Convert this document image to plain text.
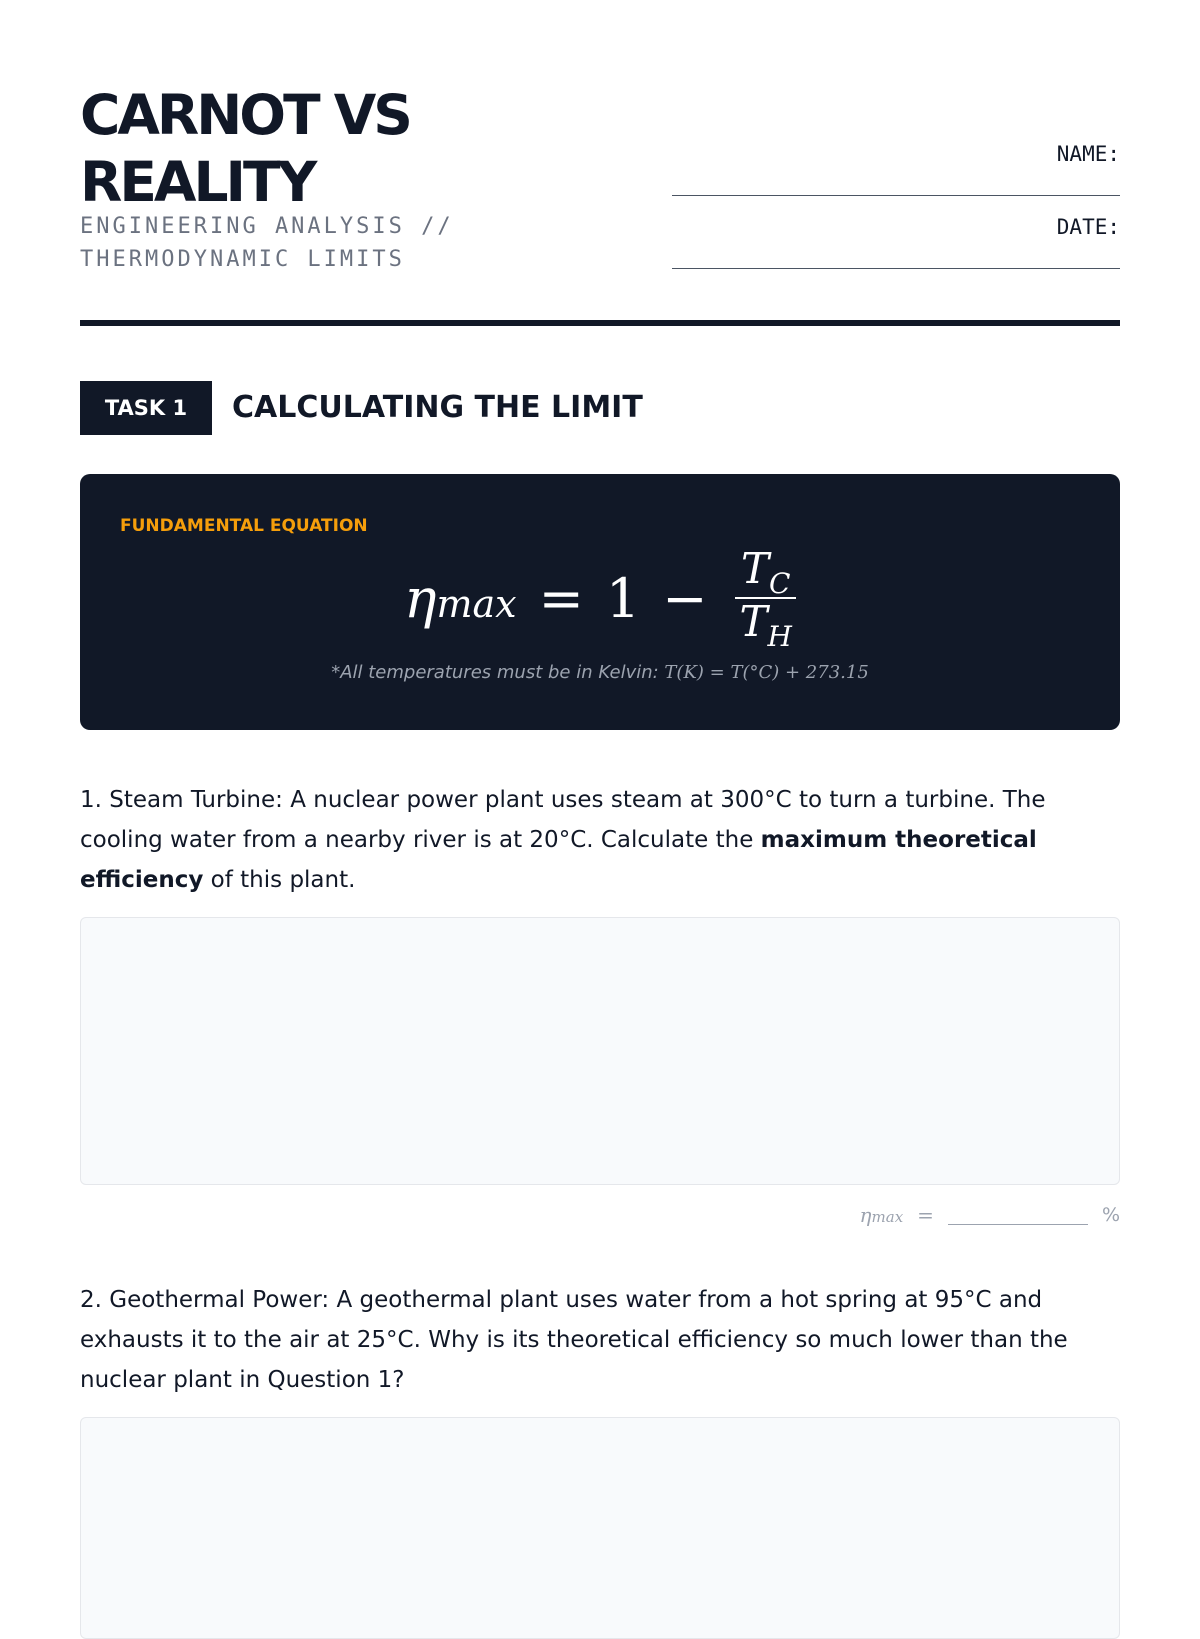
CARNOT VS
REALITY
ENGINEERING ANALYSIS //
THERMODYNAMIC LIMITS
NAME:
DATE:
TASK 1	CALCULATING THE LIMIT
FUNDAMENTAL EQUATION
η $\max = 1 - \frac{T_C}{T_H}$
*All temperatures must be in Kelvin: T(K) = T(°C) + 273.15

1. Steam Turbine: A nuclear power plant uses steam at 300°C to turn a turbine. The cooling water from a nearby river is at 20°C. Calculate the maximum theoretical efficiency of this plant.

ηmax =	%

2. Geothermal Power: A geothermal plant uses water from a hot spring at 95°C and exhausts it to the air at 25°C. Why is its theoretical efficiency so much lower than the nuclear plant in Question 1?
